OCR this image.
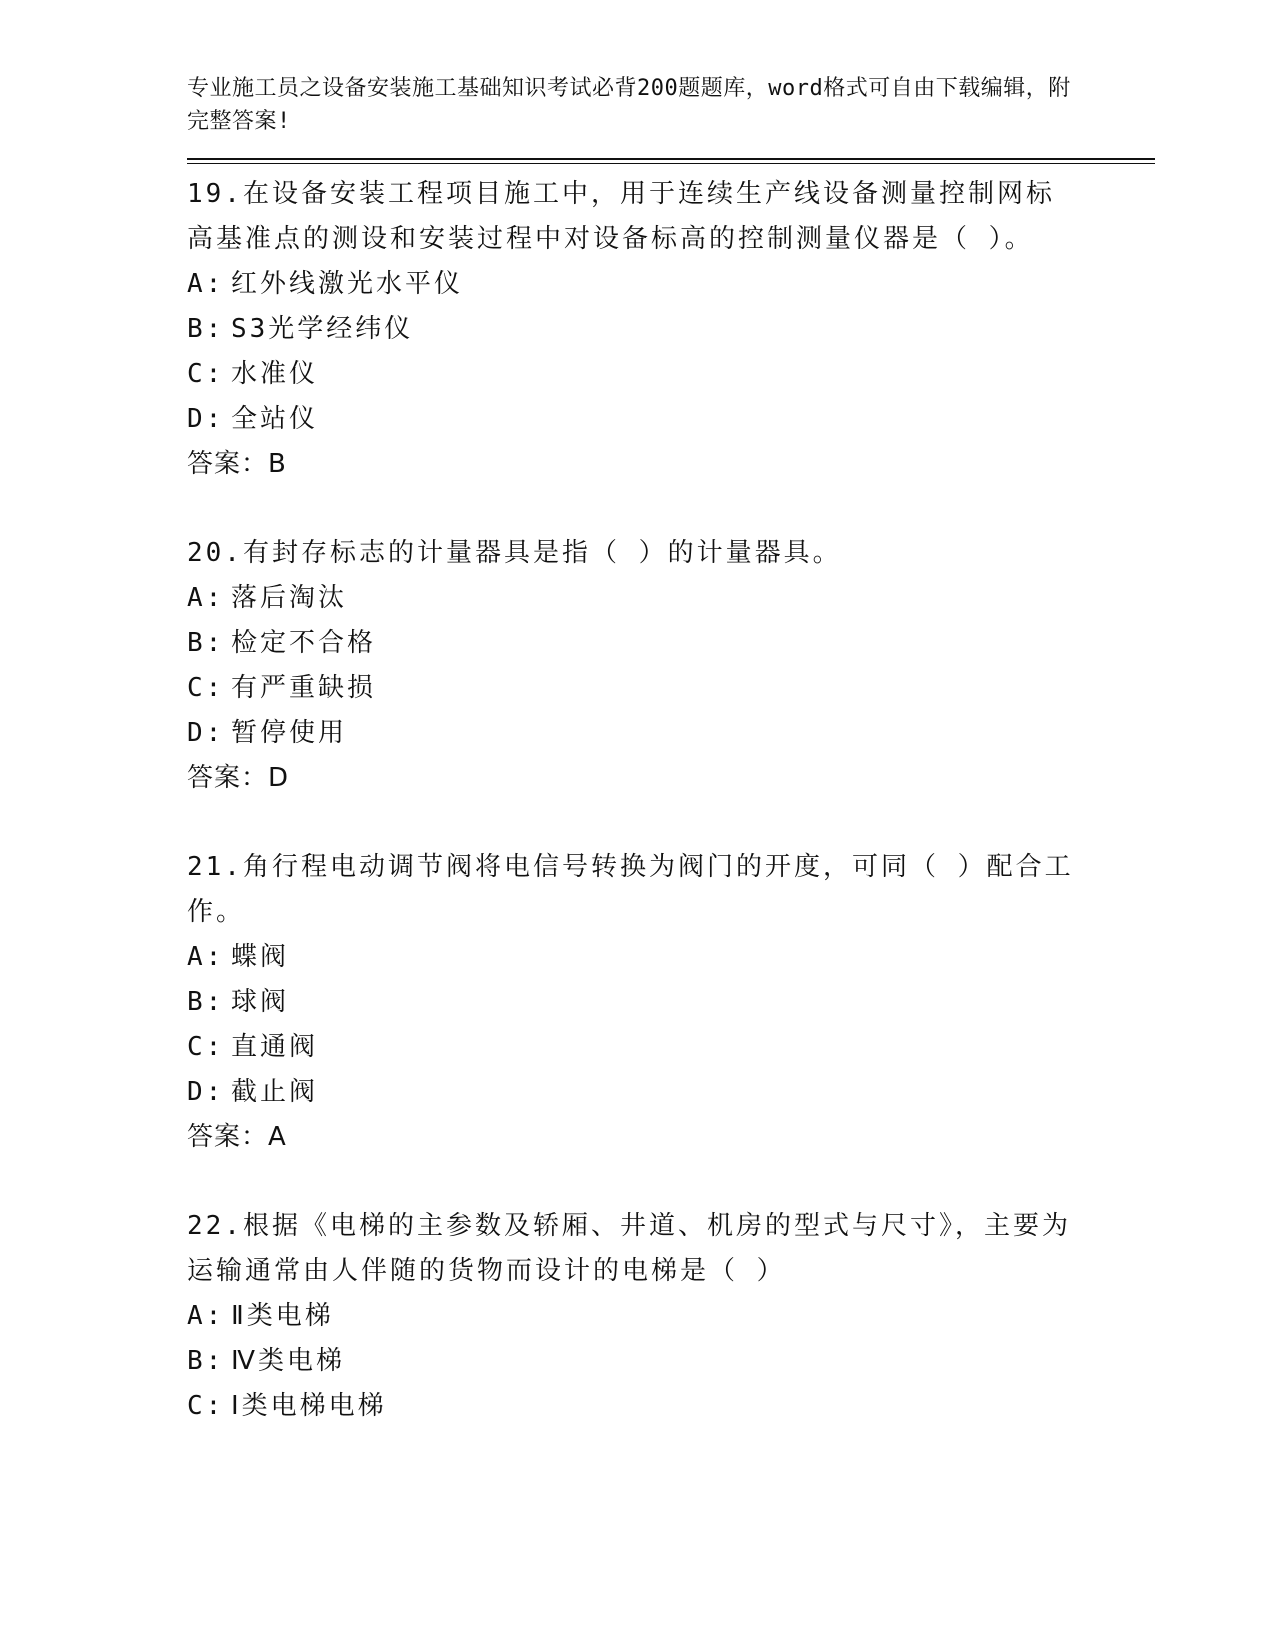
专业施工员之设备安装施工基础知识考试必背200题题库，word格式可自由下载编辑，附完整答案!
19.在设备安装工程项目施工中，用于连续生产线设备测量控制网标高基准点的测设和安装过程中对设备标高的控制测量仪器是（ ）。
A: 红外线激光水平仪
B: S3光学经纬仪
C: 水准仪
D: 全站仪
答案：B
20.有封存标志的计量器具是指（ ）的计量器具。
A: 落后淘汰
B: 检定不合格
C: 有严重缺损
D: 暂停使用
答案：D
21.角行程电动调节阀将电信号转换为阀门的开度，可同（ ）配合工作。
A: 蝶阀
B: 球阀
C: 直通阀
D: 截止阀
答案：A
22.根据《电梯的主参数及轿厢、井道、机房的型式与尺寸》，主要为运输通常由人伴随的货物而设计的电梯是（ ）
A: Ⅱ类电梯
B: Ⅳ类电梯
C: Ⅰ类电梯电梯
